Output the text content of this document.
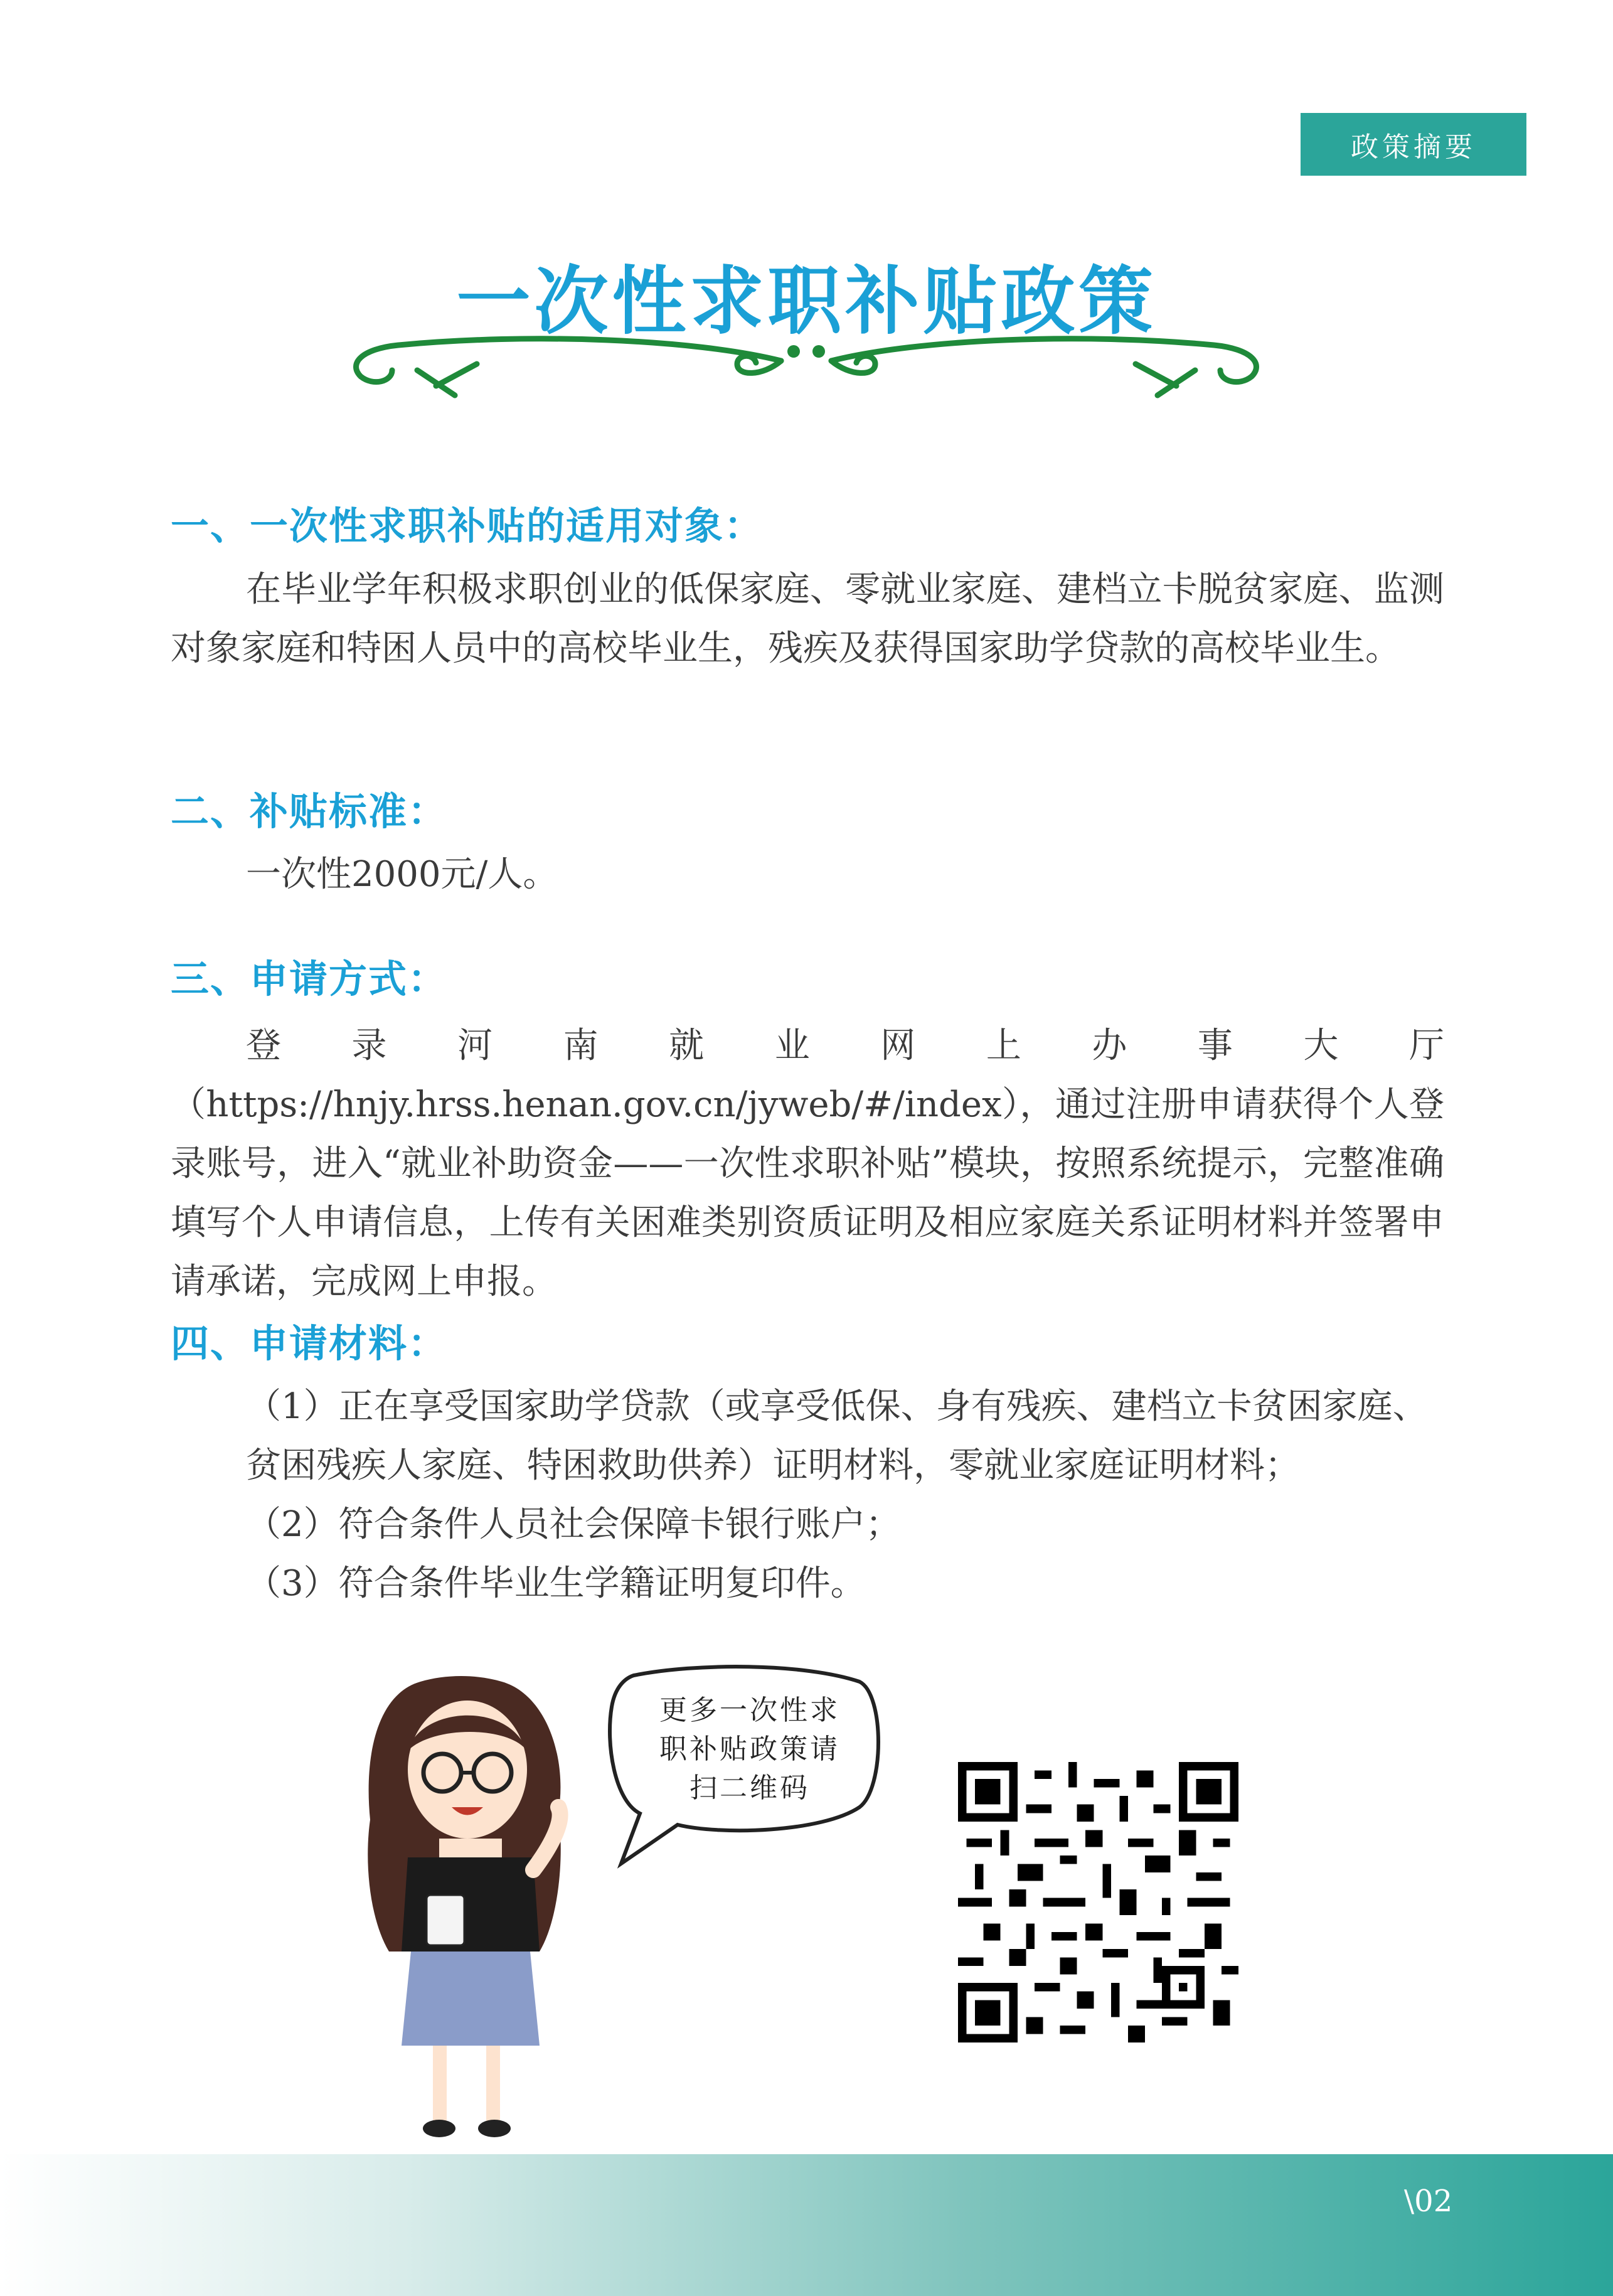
政策摘要
一次性求职补贴政策
一、一次性求职补贴的适用对象：
在毕业学年积极求职创业的低保家庭、零就业家庭、建档立卡脱贫家庭、监测对象家庭和特困人员中的高校毕业生，残疾及获得国家助学贷款的高校毕业生。
二、补贴标准：
一次性2000元/人。
三、申请方式：
登录河南就业网上办事大厅（https://hnjy.hrss.henan.gov.cn/jyweb/#/index），通过注册申请获得个人登录账号，进入“就业补助资金——一次性求职补贴”模块，按照系统提示，完整准确填写个人申请信息，上传有关困难类别资质证明及相应家庭关系证明材料并签署申请承诺，完成网上申报。
四、申请材料：
（1）正在享受国家助学贷款（或享受低保、身有残疾、建档立卡贫困家庭、贫困残疾人家庭、特困救助供养）证明材料，零就业家庭证明材料；
（2）符合条件人员社会保障卡银行账户；
（3）符合条件毕业生学籍证明复印件。
更多一次性求
职补贴政策请
扫二维码
\02
